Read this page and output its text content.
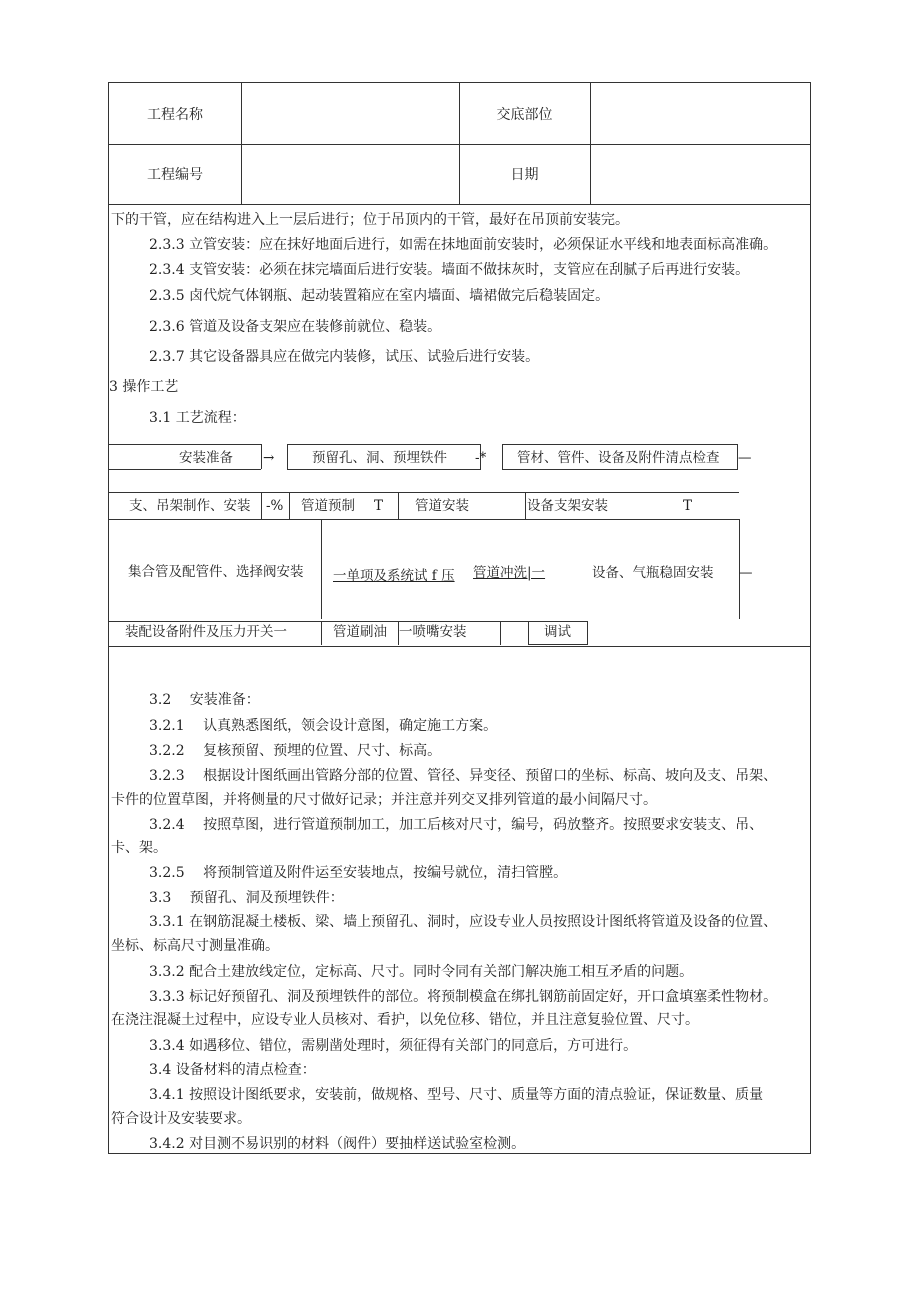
工程名称	交底部位
工程编号	日期
下的干管，应在结构进入上一层后进行；位于吊顶内的干管，最好在吊顶前安装完。
2.3.3 立管安装：应在抹好地面后进行，如需在抹地面前安装时，必须保证水平线和地表面标高准确。
2.3.4 支管安装：必须在抹完墙面后进行安装。墙面不做抹灰时，支管应在刮腻子后再进行安装。
2.3.5 卤代烷气体钢瓶、起动装置箱应在室内墙面、墙裙做完后稳装固定。
2.3.6 管道及设备支架应在装修前就位、稳装。
2.3.7 其它设备器具应在做完内装修，试压、试验后进行安装。
3 操作工艺
3.1 工艺流程：
安装准备 →	预留孔、洞、预埋铁件 -* 管材、管件、设备及附件清点检查 —
支、吊架制作、安装 -% 管道预制 T 管道安装	设备支架安装	T
集合管及配管件、选择阀安装 一单项及系统试 f 压 管道冲洗|一	设备、气瓶稳固安装 —
装配设备附件及压力开关一	管道刷油 一喷嘴安装	调试
3.2　 安装准备：
3.2.1　 认真熟悉图纸，领会设计意图，确定施工方案。
3.2.2　 复核预留、预埋的位置、尺寸、标高。
3.2.3　 根据设计图纸画出管路分部的位置、管径、异变径、预留口的坐标、标高、坡向及支、吊架、
卡件的位置草图，并将侧量的尺寸做好记录；并注意并列交叉排列管道的最小间隔尺寸。
3.2.4　 按照草图，进行管道预制加工，加工后核对尺寸，编号，码放整齐。按照要求安装支、吊、
卡、架。
3.2.5　 将预制管道及附件运至安装地点，按编号就位，清扫管膛。
3.3　 预留孔、洞及预埋铁件：
3.3.1 在钢筋混凝土楼板、梁、墙上预留孔、洞时，应设专业人员按照设计图纸将管道及设备的位置、
坐标、标高尺寸测量准确。
3.3.2 配合土建放线定位，定标高、尺寸。同时令同有关部门解决施工相互矛盾的问题。
3.3.3 标记好预留孔、洞及预埋铁件的部位。将预制模盒在绑扎钢筋前固定好，开口盒填塞柔性物材。
在浇注混凝土过程中，应设专业人员核对、看护，以免位移、错位，并且注意复验位置、尺寸。
3.3.4 如遇移位、错位，需剔凿处理时，须征得有关部门的同意后，方可进行。
3.4 设备材料的清点检查：
3.4.1 按照设计图纸要求，安装前，做规格、型号、尺寸、质量等方面的清点验证，保证数量、质量
符合设计及安装要求。
3.4.2 对目测不易识别的材料（阀件）要抽样送试验室检测。
